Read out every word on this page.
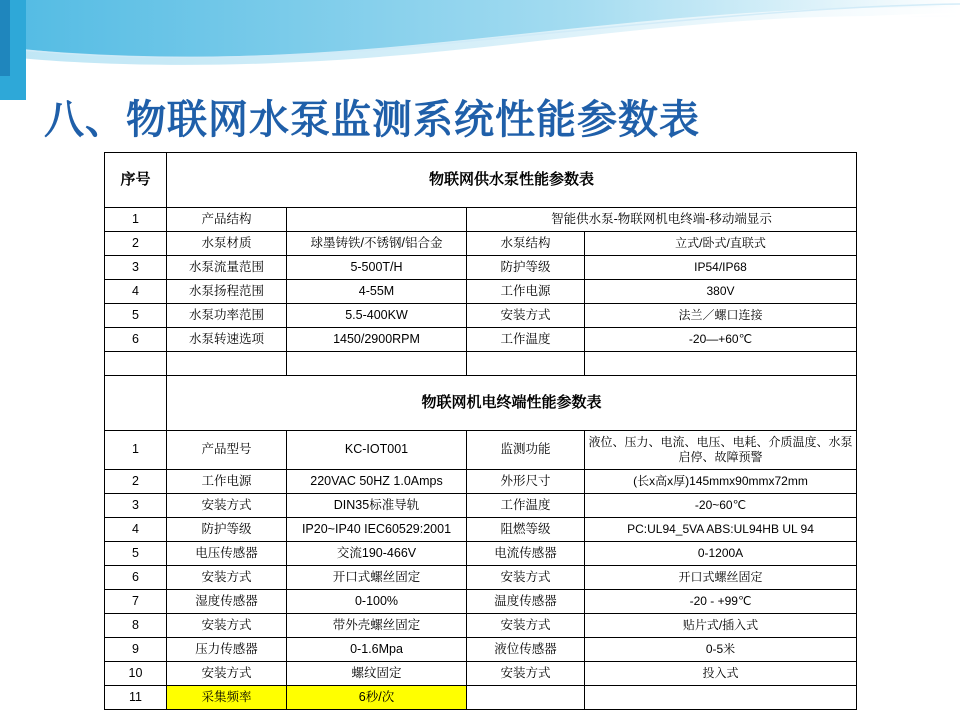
八、物联网水泵监测系统性能参数表
序号	物联网供水泵性能参数表			
1	产品结构		智能供水泵-物联网机电终端-移动端显示	
2	水泵材质	球墨铸铁/不锈钢/铝合金	水泵结构	立式/卧式/直联式
3	水泵流量范围	5-500T/H	防护等级	IP54/IP68
4	水泵扬程范围	4-55M	工作电源	380V
5	水泵功率范围	5.5-400KW	安装方式	法兰／螺口连接
6	水泵转速选项	1450/2900RPM	工作温度	-20—+60℃

	物联网机电终端性能参数表			
1	产品型号	KC-IOT001	监测功能	液位、压力、电流、电压、电耗、介质温度、水泵启停、故障预警
2	工作电源	220VAC 50HZ 1.0Amps	外形尺寸	(长x高x厚)145mmx90mmx72mm
3	安装方式	DIN35标准导轨	工作温度	-20~60℃
4	防护等级	IP20~IP40 IEC60529:2001	阻燃等级	PC:UL94_5VA ABS:UL94HB UL 94
5	电压传感器	交流190-466V	电流传感器	0-1200A
6	安装方式	开口式螺丝固定	安装方式	开口式螺丝固定
7	湿度传感器	0-100%	温度传感器	-20 - +99℃
8	安装方式	带外壳螺丝固定	安装方式	贴片式/插入式
9	压力传感器	0-1.6Mpa	液位传感器	0-5米
10	安装方式	螺纹固定	安装方式	投入式
11	采集频率	6秒/次		
